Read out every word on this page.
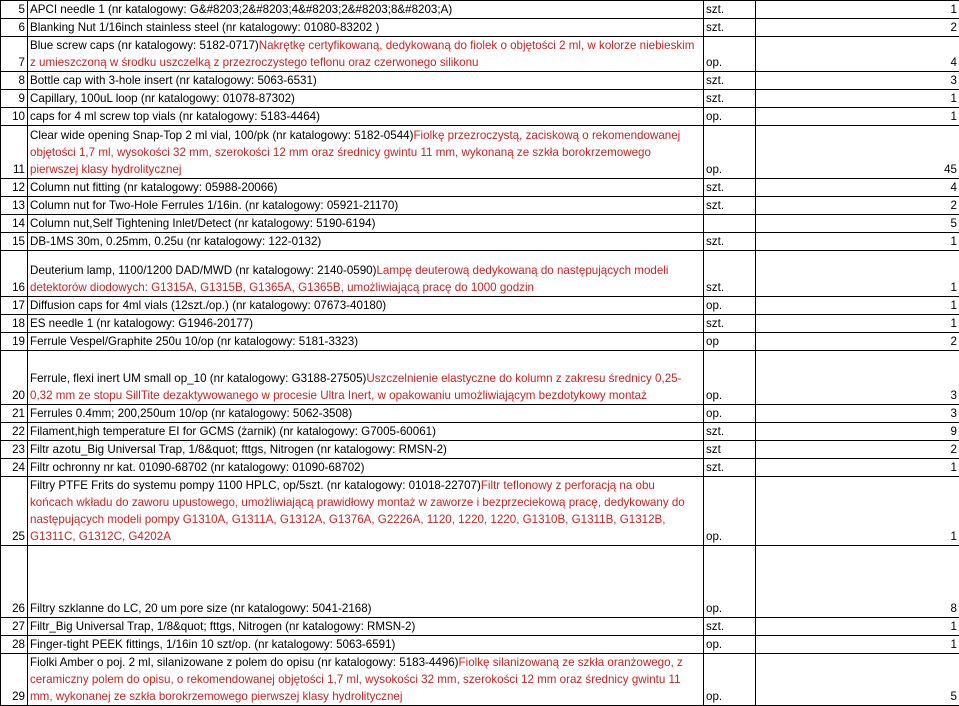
5	APCI needle 1 (nr katalogowy: G&#8203;2&#8203;4&#8203;2&#8203;8&#8203;A)	szt.	1
6	Blanking Nut 1/16inch stainless steel (nr katalogowy: 01080-83202 )	szt.	2
7	Blue screw caps (nr katalogowy: 5182-0717)Nakrętkę certyfikowaną, dedykowaną do fiolek o objętości 2 ml, w kolorze niebieskim z umieszczoną w środku uszczelką z przezroczystego teflonu oraz czerwonego silikonu	op.	4
8	Bottle cap with 3-hole insert (nr katalogowy: 5063-6531)	szt.	3
9	Capillary, 100uL loop (nr katalogowy: 01078-87302)	szt.	1
10	caps for 4 ml screw top vials (nr katalogowy: 5183-4464)	op.	1
11	Clear wide opening Snap-Top 2 ml vial, 100/pk (nr katalogowy: 5182-0544)Fiolkę przezroczystą, zaciskową o rekomendowanej objętości 1,7 ml, wysokości 32 mm, szerokości 12 mm oraz średnicy gwintu 11 mm, wykonaną ze szkła borokrzemowego pierwszej klasy hydrolitycznej	op.	45
12	Column nut fitting (nr katalogowy: 05988-20066)	szt.	4
13	Column nut for Two-Hole Ferrules 1/16in. (nr katalogowy: 05921-21170)	szt.	2
14	Column nut,Self Tightening Inlet/Detect (nr katalogowy: 5190-6194)		5
15	DB-1MS 30m, 0.25mm, 0.25u (nr katalogowy: 122-0132)	szt.	1
16	Deuterium lamp, 1100/1200 DAD/MWD (nr katalogowy: 2140-0590)Lampę deuterową dedykowaną do następujących modeli detektorów diodowych: G1315A, G1315B, G1365A, G1365B, umożliwiającą pracę do 1000 godzin	szt.	1
17	Diffusion caps for 4ml vials (12szt./op.) (nr katalogowy: 07673-40180)	op.	1
18	ES needle 1 (nr katalogowy: G1946-20177)	szt.	1
19	Ferrule Vespel/Graphite 250u 10/op (nr katalogowy: 5181-3323)	op	2
20	Ferrule, flexi inert UM small op_10 (nr katalogowy: G3188-27505)Uszczelnienie elastyczne do kolumn z zakresu średnicy 0,25-0,32 mm ze stopu SillTite dezaktywowanego w procesie Ultra Inert, w opakowaniu umożliwiającym bezdotykowy montaż	op.	3
21	Ferrules 0.4mm; 200,250um 10/op (nr katalogowy: 5062-3508)	op.	3
22	Filament,high temperature EI for GCMS (żarnik) (nr katalogowy: G7005-60061)	szt.	9
23	Filtr azotu_Big Universal Trap, 1/8&quot; fttgs, Nitrogen (nr katalogowy: RMSN-2)	szt	2
24	Filtr ochronny nr kat. 01090-68702 (nr katalogowy: 01090-68702)	szt.	1
25	Filtry PTFE Frits do systemu pompy 1100 HPLC, op/5szt. (nr katalogowy: 01018-22707)Filtr teflonowy z perforacją na obu końcach wkładu do zaworu upustowego, umożliwiającą prawidłowy montaż w zaworze i bezprzeciekową pracę, dedykowany do następujących modeli pompy G1310A, G1311A, G1312A, G1376A, G2226A, 1120, 1220, 1220, G1310B, G1311B, G1312B, G1311C, G1312C, G4202A	op.	1
26	Filtry szklanne do LC, 20 um pore size (nr katalogowy: 5041-2168)	op.	8
27	Filtr_Big Universal Trap, 1/8&quot; fttgs, Nitrogen (nr katalogowy: RMSN-2)	szt.	1
28	Finger-tight PEEK fittings, 1/16in 10 szt/op. (nr katalogowy: 5063-6591)	op.	1
29	Fiolki Amber o poj. 2 ml, silanizowane z polem do opisu (nr katalogowy: 5183-4496)Fiolkę silanizowaną ze szkła oranżowego, z ceramiczny polem do opisu, o rekomendowanej objętości 1,7 ml, wysokości 32 mm, szerokości 12 mm oraz średnicy gwintu 11 mm, wykonanej ze szkła borokrzemowego pierwszej klasy hydrolitycznej	op.	5
